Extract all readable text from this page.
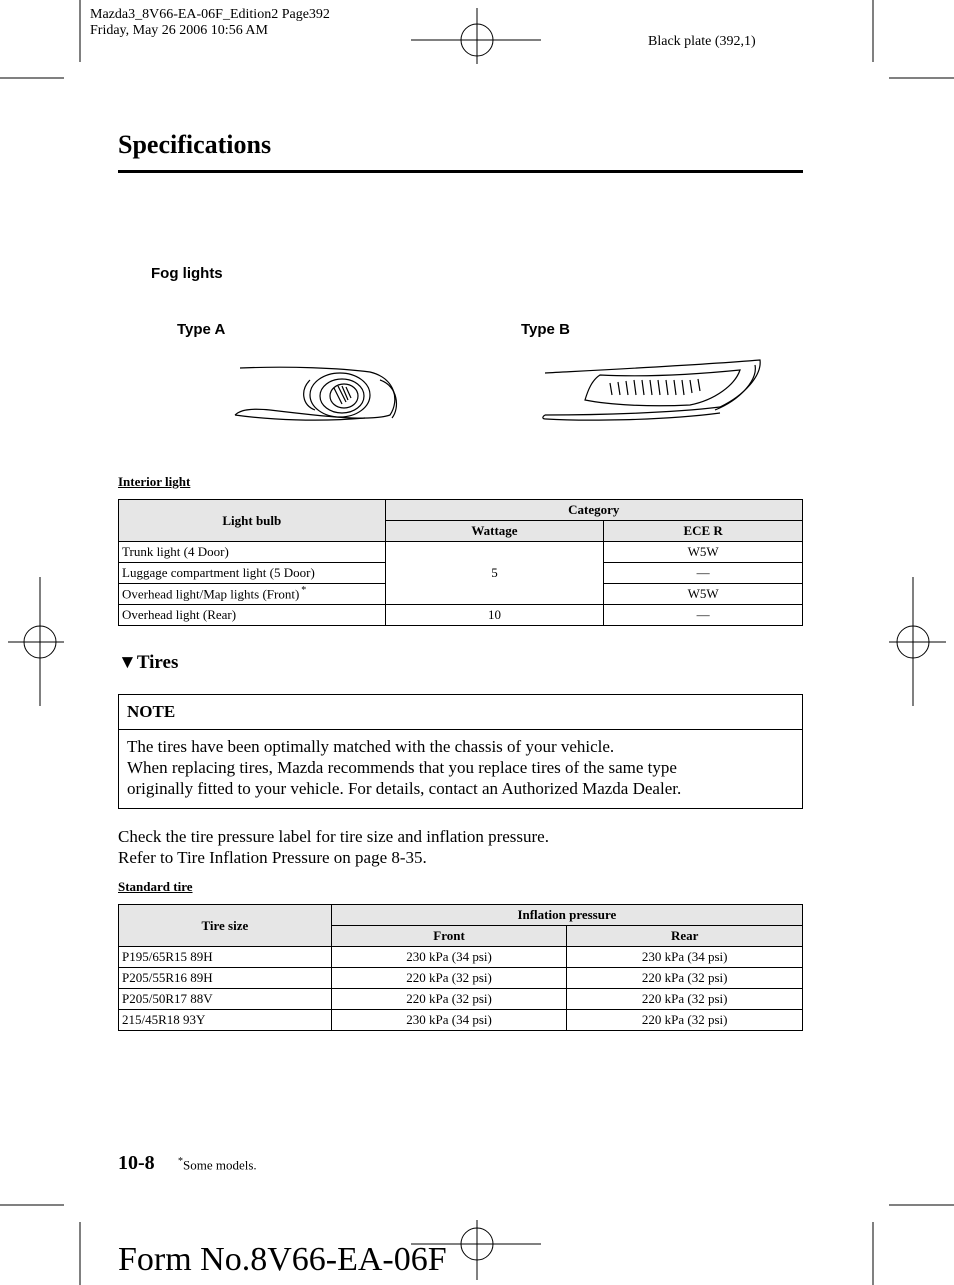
Mazda3_8V66-EA-06F_Edition2 Page392
Friday, May 26 2006 10:56 AM
Black plate (392,1)
Specifications
Fog lights
Type A	Type B
Interior light
Light bulb	Category	
	Wattage	ECE R
Trunk light (4 Door)	5	W5W
Luggage compartment light (5 Door)		—
Overhead light/Map lights (Front) *		W5W
Overhead light (Rear)	10	—
▼Tires
NOTE
The tires have been optimally matched with the chassis of your vehicle.
When replacing tires, Mazda recommends that you replace tires of the same type
originally fitted to your vehicle. For details, contact an Authorized Mazda Dealer.
Check the tire pressure label for tire size and inflation pressure.
Refer to Tire Inflation Pressure on page 8-35.
Standard tire
Tire size	Inflation pressure	
	Front	Rear
P195/65R15 89H	230 kPa (34 psi)	230 kPa (34 psi)
P205/55R16 89H	220 kPa (32 psi)	220 kPa (32 psi)
P205/50R17 88V	220 kPa (32 psi)	220 kPa (32 psi)
215/45R18 93Y	230 kPa (34 psi)	220 kPa (32 psi)
10-8 *Some models.
Form No.8V66-EA-06F
